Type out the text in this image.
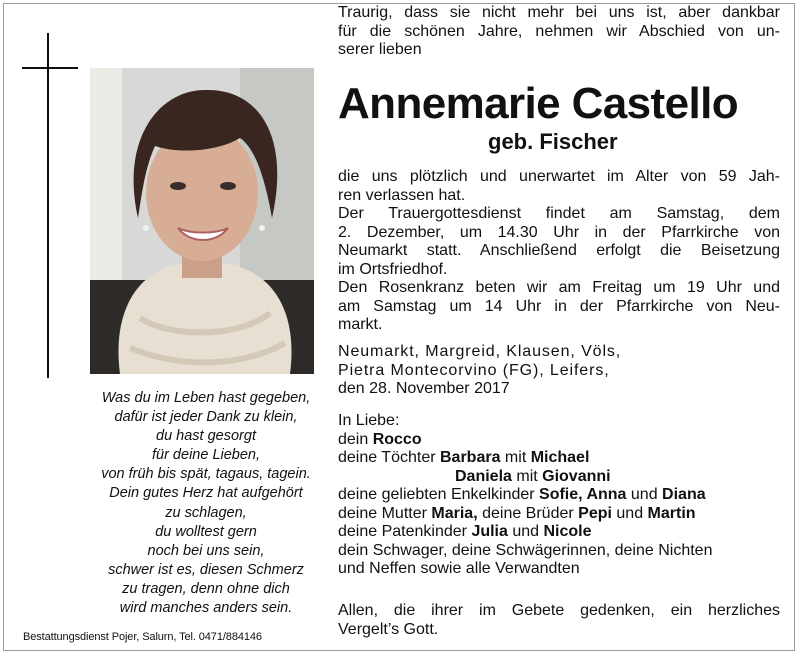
Was du im Leben hast gegeben,
dafür ist jeder Dank zu klein,
du hast gesorgt
für deine Lieben,
von früh bis spät, tagaus, tagein.
Dein gutes Herz hat aufgehört
zu schlagen,
du wolltest gern
noch bei uns sein,
schwer ist es, diesen Schmerz
zu tragen, denn ohne dich
wird manches anders sein.
Bestattungsdienst Pojer, Salurn, Tel. 0471/884146
Traurig, dass sie nicht mehr bei uns ist, aber dankbar
für die schönen Jahre, nehmen wir Abschied von un-
serer lieben
Annemarie Castello
geb. Fischer
die uns plötzlich und unerwartet im Alter von 59 Jah-
ren verlassen hat.
Der Trauergottesdienst findet am Samstag, dem
2. Dezember, um 14.30 Uhr in der Pfarrkirche von
Neumarkt statt. Anschließend erfolgt die Beisetzung
im Ortsfriedhof.
Den Rosenkranz beten wir am Freitag um 19 Uhr und
am Samstag um 14 Uhr in der Pfarrkirche von Neu-
markt.
Neumarkt, Margreid, Klausen, Völs,
Pietra Montecorvino (FG), Leifers,
den 28. November 2017
In Liebe:
dein Rocco
deine Töchter Barbara mit Michael
Daniela mit Giovanni
deine geliebten Enkelkinder Sofie, Anna und Diana
deine Mutter Maria, deine Brüder Pepi und Martin
deine Patenkinder Julia und Nicole
dein Schwager, deine Schwägerinnen, deine Nichten
und Neffen sowie alle Verwandten
Allen, die ihrer im Gebete gedenken, ein herzliches
Vergelt’s Gott.
